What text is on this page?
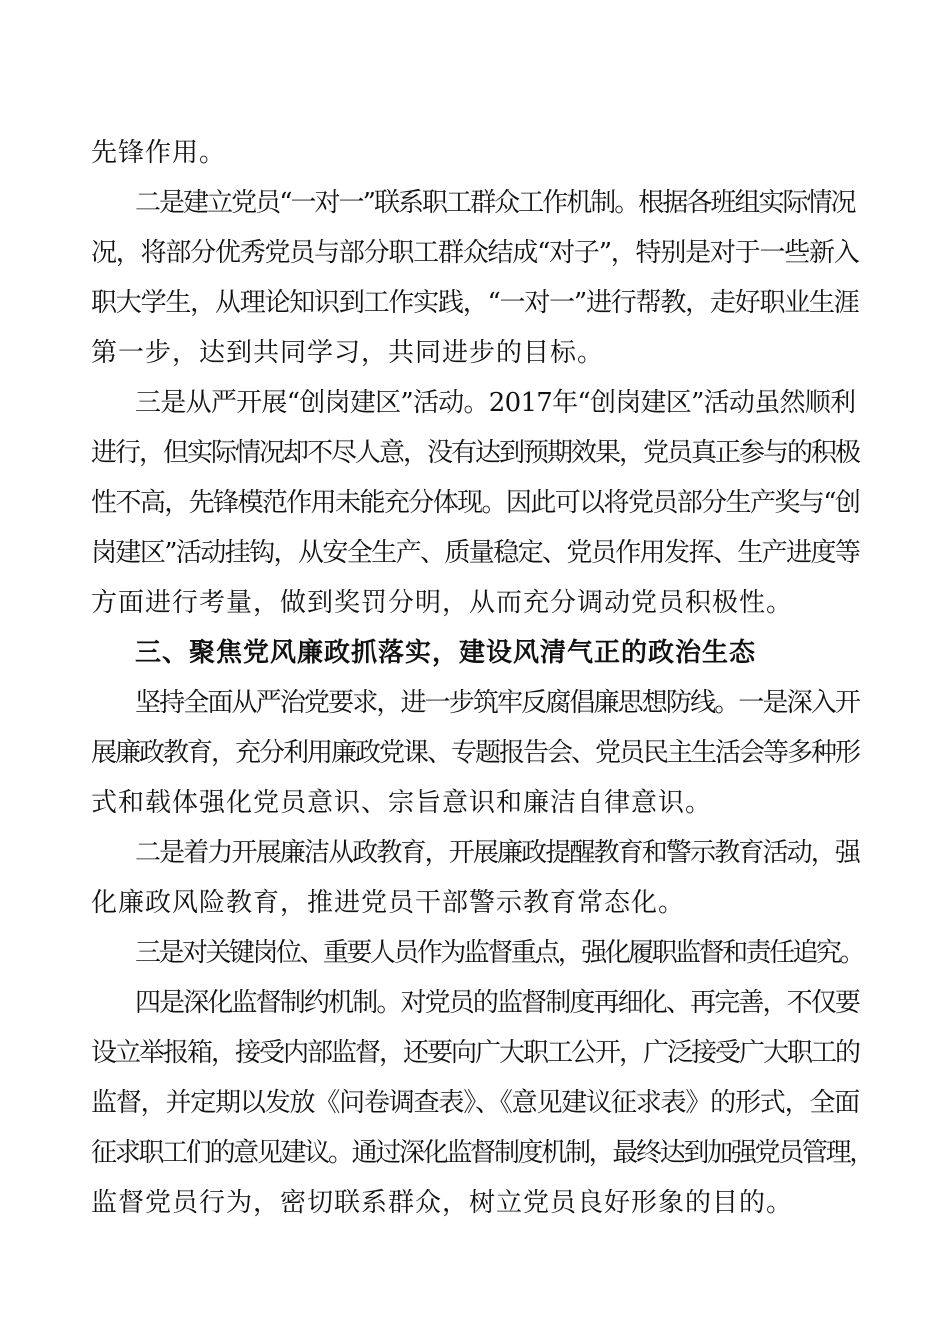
先锋作用。
二是建立党员“一对一”联系职工群众工作机制。根据各班组实际情况
况，将部分优秀党员与部分职工群众结成“对子”，特别是对于一些新入
职大学生，从理论知识到工作实践，“一对一”进行帮教，走好职业生涯
第一步，达到共同学习，共同进步的目标。
三是从严开展“创岗建区”活动。2017年“创岗建区”活动虽然顺利
进行，但实际情况却不尽人意，没有达到预期效果，党员真正参与的积极
性不高，先锋模范作用未能充分体现。因此可以将党员部分生产奖与“创
岗建区”活动挂钩，从安全生产、质量稳定、党员作用发挥、生产进度等
方面进行考量，做到奖罚分明，从而充分调动党员积极性。
三、聚焦党风廉政抓落实，建设风清气正的政治生态
坚持全面从严治党要求，进一步筑牢反腐倡廉思想防线。一是深入开
展廉政教育，充分利用廉政党课、专题报告会、党员民主生活会等多种形
式和载体强化党员意识、宗旨意识和廉洁自律意识。
二是着力开展廉洁从政教育，开展廉政提醒教育和警示教育活动，强
化廉政风险教育，推进党员干部警示教育常态化。
三是对关键岗位、重要人员作为监督重点，强化履职监督和责任追究。
四是深化监督制约机制。对党员的监督制度再细化、再完善，不仅要
设立举报箱，接受内部监督，还要向广大职工公开，广泛接受广大职工的
监督，并定期以发放《问卷调查表》、《意见建议征求表》的形式，全面
征求职工们的意见建议。通过深化监督制度机制，最终达到加强党员管理，
监督党员行为，密切联系群众，树立党员良好形象的目的。
